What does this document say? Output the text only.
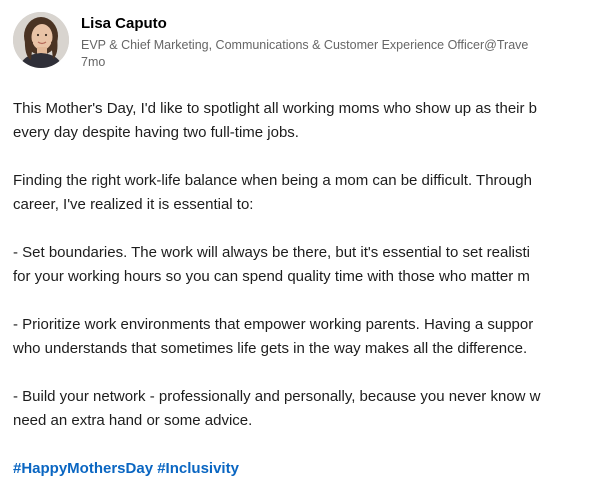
Lisa Caputo
EVP & Chief Marketing, Communications & Customer Experience Officer@Trave
7mo

This Mother's Day, I'd like to spotlight all working moms who show up as their b
every day despite having two full-time jobs.

Finding the right work-life balance when being a mom can be difficult. Through
career, I've realized it is essential to:

- Set boundaries. The work will always be there, but it's essential to set realisti
for your working hours so you can spend quality time with those who matter m

- Prioritize work environments that empower working parents. Having a suppor
who understands that sometimes life gets in the way makes all the difference.

- Build your network - professionally and personally, because you never know w
need an extra hand or some advice.

#HappyMothersDay #Inclusivity
